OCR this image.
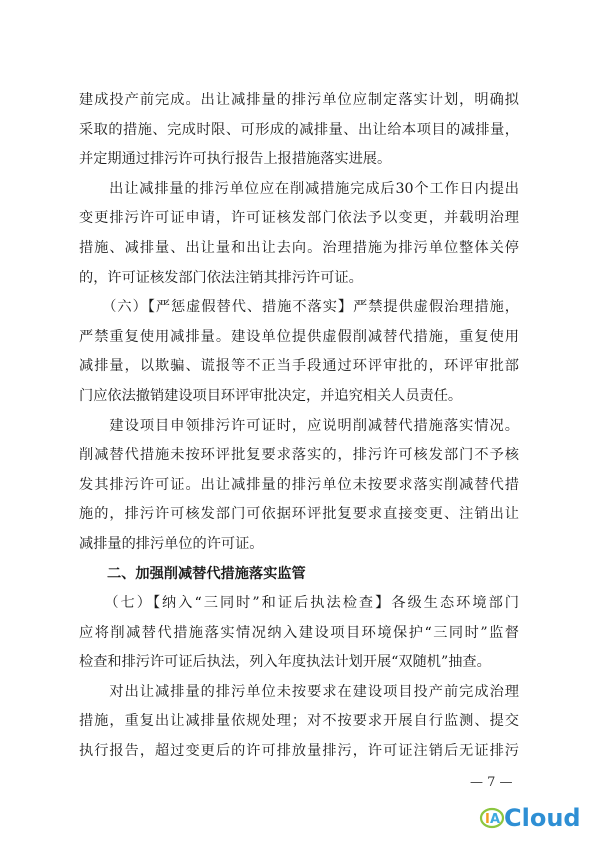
建成投产前完成。出让减排量的排污单位应制定落实计划，明确拟
采取的措施、完成时限、可形成的减排量、出让给本项目的减排量，
并定期通过排污许可执行报告上报措施落实进展。

　　出让减排量的排污单位应在削减措施完成后30个工作日内提出
变更排污许可证申请，许可证核发部门依法予以变更，并载明治理
措施、减排量、出让量和出让去向。治理措施为排污单位整体关停
的，许可证核发部门依法注销其排污许可证。

　　（六）【严惩虚假替代、措施不落实】严禁提供虚假治理措施，
严禁重复使用减排量。建设单位提供虚假削减替代措施，重复使用
减排量，以欺骗、谎报等不正当手段通过环评审批的，环评审批部
门应依法撤销建设项目环评审批决定，并追究相关人员责任。

　　建设项目申领排污许可证时，应说明削减替代措施落实情况。
削减替代措施未按环评批复要求落实的，排污许可核发部门不予核
发其排污许可证。出让减排量的排污单位未按要求落实削减替代措
施的，排污许可核发部门可依据环评批复要求直接变更、注销出让
减排量的排污单位的许可证。

二、加强削减替代措施落实监管

　　（七）【纳入“三同时”和证后执法检查】各级生态环境部门
应将削减替代措施落实情况纳入建设项目环境保护“三同时”监督
检查和排污许可证后执法，列入年度执法计划开展“双随机”抽查。

　　对出让减排量的排污单位未按要求在建设项目投产前完成治理
措施，重复出让减排量依规处理；对不按要求开展自行监测、提交
执行报告，超过变更后的许可排放量排污，许可证注销后无证排污

— 7 —
I A Cloud
